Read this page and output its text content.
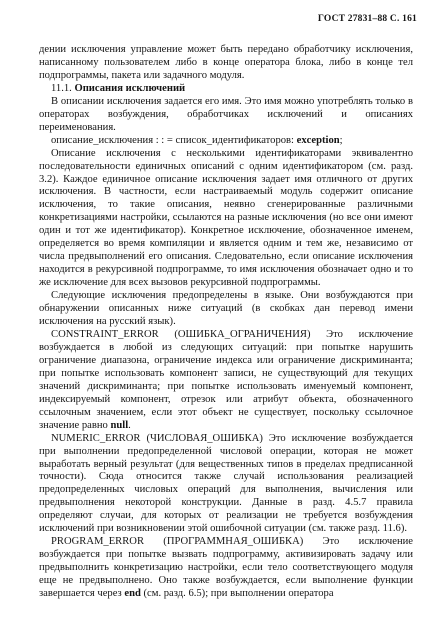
ГОСТ 27831–88 С. 161

дении исключения управление может быть передано обработчику исключения, написанному пользователем либо в конце оператора блока, либо в конце тел подпрограммы, пакета или задачного модуля.

11.1. Описания исключений

В описании исключения задается его имя. Это имя можно употреблять только в операторах возбуждения, обработчиках исключений и описаниях переименования.

описание_исключения : : = список_идентификаторов: exception;

Описание исключения с несколькими идентификаторами эквивалентно последовательности единичных описаний с одним идентификатором (см. разд. 3.2). Каждое единичное описание исключения задает имя отличного от других исключения. В частности, если настраиваемый модуль содержит описание исключения, то такие описания, неявно сгенерированные различными конкретизациями настройки, ссылаются на разные исключения (но все они имеют один и тот же идентификатор). Конкретное исключение, обозначенное именем, определяется во время компиляции и является одним и тем же, независимо от числа предвыполнений его описания. Следовательно, если описание исключения находится в рекурсивной подпрограмме, то имя исключения обозначает одно и то же исключение для всех вызовов рекурсивной подпрограммы.

Следующие исключения предопределены в языке. Они возбуждаются при обнаружении описанных ниже ситуаций (в скобках дан перевод имени исключения на русский язык).

CONSTRAINT_ERROR (ОШИБКА_ОГРАНИЧЕНИЯ) Это исключение возбуждается в любой из следующих ситуаций: при попытке нарушить ограничение диапазона, ограничение индекса или ограничение дискриминанта; при попытке использовать компонент записи, не существующий для текущих значений дискриминанта; при попытке использовать именуемый компонент, индексируемый компонент, отрезок или атрибут объекта, обозначенного ссылочным значением, если этот объект не существует, поскольку ссылочное значение равно null.

NUMERIC_ERROR (ЧИСЛОВАЯ_ОШИБКА) Это исключение возбуждается при выполнении предопределенной числовой операции, которая не может выработать верный результат (для вещественных типов в пределах предписанной точности). Сюда относится также случай использования реализацией предопределенных числовых операций для выполнения, вычисления или предвыполнения некоторой конструкции. Данные в разд. 4.5.7 правила определяют случаи, для которых от реализации не требуется возбуждения исключений при возникновении этой ошибочной ситуации (см. также разд. 11.6).

PROGRAM_ERROR (ПРОГРАММНАЯ_ОШИБКА) Это исключение возбуждается при попытке вызвать подпрограмму, активизировать задачу или предвыполнить конкретизацию настройки, если тело соответствующего модуля еще не предвыполнено. Оно также возбуждается, если выполнение функции завершается через end (см. разд. 6.5); при выполнении оператора
